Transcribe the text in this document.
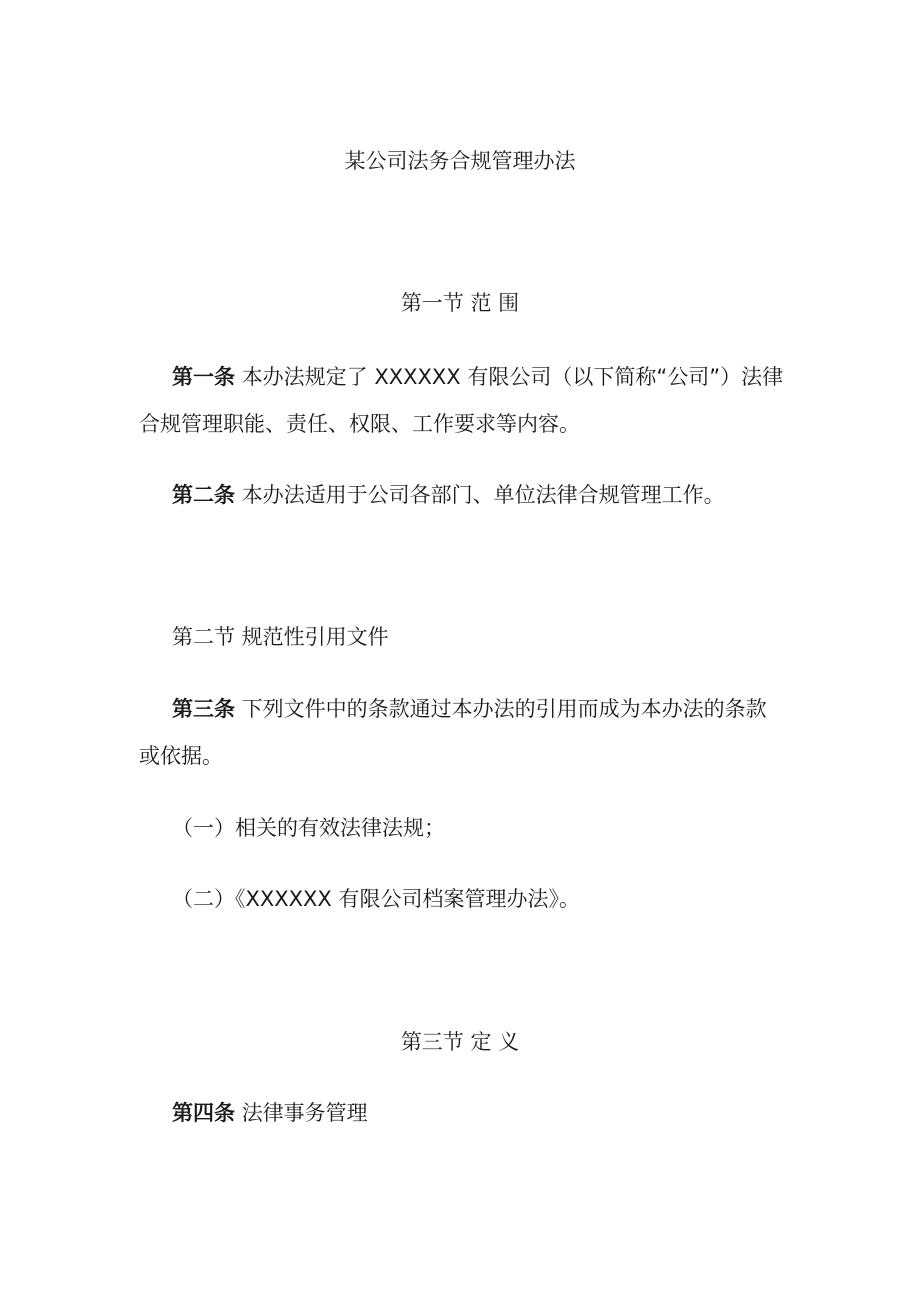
某公司法务合规管理办法
第一节 范 围
第一条 本办法规定了 XXXXXX 有限公司（以下简称“公司”）法律
合规管理职能、责任、权限、工作要求等内容。
第二条 本办法适用于公司各部门、单位法律合规管理工作。
第二节 规范性引用文件
第三条 下列文件中的条款通过本办法的引用而成为本办法的条款
或依据。
（一）相关的有效法律法规；
（二）《XXXXXX 有限公司档案管理办法》。
第三节 定 义
第四条 法律事务管理
